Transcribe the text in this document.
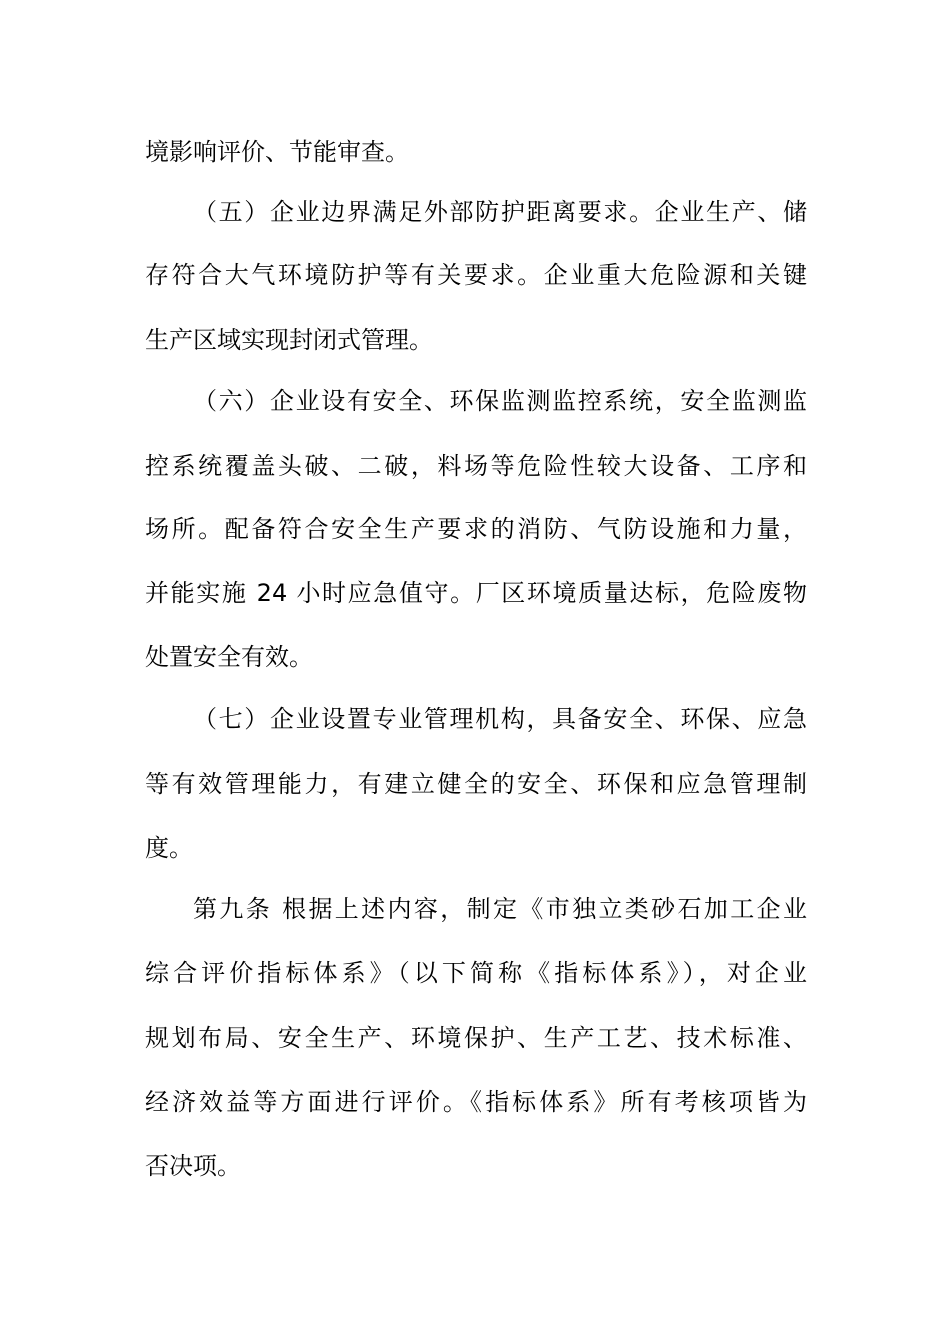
境影响评价、节能审查。
（五）企业边界满足外部防护距离要求。企业生产、储
存符合大气环境防护等有关要求。企业重大危险源和关键
生产区域实现封闭式管理。
（六）企业设有安全、环保监测监控系统，安全监测监
控系统覆盖头破、二破，料场等危险性较大设备、工序和
场所。配备符合安全生产要求的消防、气防设施和力量，
并能实施 24 小时应急值守。厂区环境质量达标，危险废物
处置安全有效。
（七）企业设置专业管理机构，具备安全、环保、应急
等有效管理能力，有建立健全的安全、环保和应急管理制
度。
第九条 根据上述内容，制定《市独立类砂石加工企业
综合评价指标体系》（以下简称《指标体系》），对企业
规划布局、安全生产、环境保护、生产工艺、技术标准、
经济效益等方面进行评价。《指标体系》所有考核项皆为
否决项。
